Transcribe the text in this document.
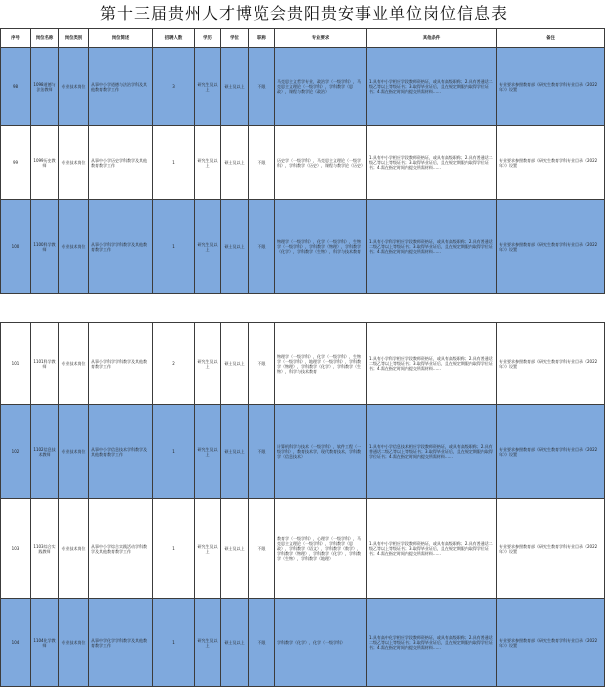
第十三届贵州人才博览会贵阳贵安事业单位岗位信息表
序号	岗位名称	岗位类别	岗位简述	招聘人数	学历	学位	职称	专业要求	其他条件	备注
98	1098道德与法治教师	专业技术岗位	从事中小学道德与法治学科及其他教育教学工作	3	研究生及以上	硕士及以上	不限	马克思主义哲学专业，政治学（一级学科），马克思主义理论（一级学科），学科教学（思政），课程与教学论（政治）	1.具有中小学相应学段教师资格证，或具有高级职称；2.具有普通话二级乙等以上等级证书；3.取得毕业证后，且在规定期限内取得学位证书；4.需在指定时间内提交所需材料……	专业要求参照教育部《研究生教育学科专业目录（2022年）》设置
99	1099历史教师	专业技术岗位	从事中小学历史学科教学及其他教育教学工作	1	研究生及以上	硕士及以上	不限	历史学（一级学科），马克思主义理论（一级学科），学科教学（历史），课程与教学论（历史）	1.具有中小学相应学段教师资格证，或具有高级职称；2.具有普通话二级乙等以上等级证书；3.取得毕业证后，且在规定期限内取得学位证书；4.需在指定时间内提交所需材料……	专业要求参照教育部《研究生教育学科专业目录（2022年）》设置
100	1100科学教师	专业技术岗位	从事小学科学学科教学及其他教育教学工作	1	研究生及以上	硕士及以上	不限	物理学（一级学科），化学（一级学科），生物学（一级学科），学科教学（物理），学科教学（化学），学科教学（生物），科学与技术教育	1.具有小学科学相应学段教师资格证，或具有高级职称；2.具有普通话二级乙等以上等级证书；3.取得毕业证后，且在规定期限内取得学位证书；4.需在指定时间内提交所需材料……	专业要求参照教育部《研究生教育学科专业目录（2022年）》设置
101	1101科学教师	专业技术岗位	从事小学科学学科教学及其他教育教学工作	2	研究生及以上	硕士及以上	不限	物理学（一级学科），化学（一级学科），生物学（一级学科），地理学（一级学科），学科教学（物理），学科教学（化学），学科教学（生物），科学与技术教育	1.具有小学科学相应学段教师资格证，或具有高级职称；2.具有普通话二级乙等以上等级证书；3.取得毕业证后，且在规定期限内取得学位证书；4.需在指定时间内提交所需材料……	专业要求参照教育部《研究生教育学科专业目录（2022年）》设置
102	1102信息技术教师	专业技术岗位	从事中小学信息技术学科教学及其他教育教学工作	1	研究生及以上	硕士及以上	不限	计算机科学与技术（一级学科），软件工程（一级学科），教育技术学，现代教育技术，学科教学（信息技术）	1.具有中小学信息技术相应学段教师资格证，或具有高级职称；2.具有普通话二级乙等以上等级证书；3.取得毕业证后，且在规定期限内取得学位证书；4.需在指定时间内提交所需材料……	专业要求参照教育部《研究生教育学科专业目录（2022年）》设置
103	1103综合实践教师	专业技术岗位	从事中小学综合实践活动学科教学及其他教育教学工作	1	研究生及以上	硕士及以上	不限	教育学（一级学科），心理学（一级学科），马克思主义理论（一级学科），学科教学（思政），学科教学（语文），学科教学（数学），学科教学（物理），学科教学（化学），学科教学（生物），学科教学（地理）	1.具有中小学相应学段教师资格证，或具有高级职称；2.具有普通话二级乙等以上等级证书；3.取得毕业证后，且在规定期限内取得学位证书；4.需在指定时间内提交所需材料……	专业要求参照教育部《研究生教育学科专业目录（2022年）》设置
104	1104化学教师	专业技术岗位	从事中学化学学科教学及其他教育教学工作	1	研究生及以上	硕士及以上	不限	学科教学（化学），化学（一级学科）	1.具有高中化学相应学段教师资格证，或具有高级职称；2.具有普通话二级乙等以上等级证书；3.取得毕业证后，且在规定期限内取得学位证书；4.需在指定时间内提交所需材料……	专业要求参照教育部《研究生教育学科专业目录（2022年）》设置
